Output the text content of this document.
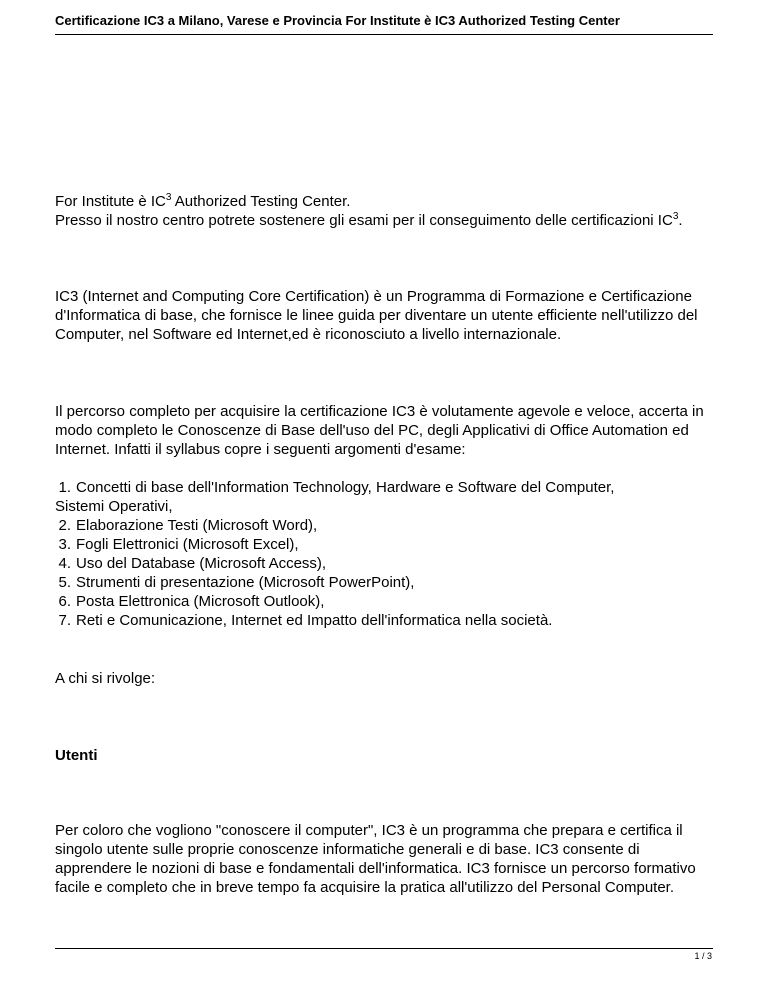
Certificazione IC3 a Milano, Varese e Provincia For Institute è IC3 Authorized Testing Center

For Institute è $IC^3$ Authorized Testing Center.

Presso il nostro centro potrete sostenere gli esami per il conseguimento delle certificazioni $IC^3$.

IC3 (Internet and Computing Core Certification) è un Programma di Formazione e Certificazione d'Informatica di base, che fornisce le linee guida per diventare un utente efficiente nell'utilizzo del Computer, nel Software ed Internet,ed è riconosciuto a livello internazionale.
Il percorso completo per acquisire la certificazione IC3 è volutamente agevole e veloce, accerta in modo completo le Conoscenze di Base dell'uso del PC, degli Applicativi di Office Automation ed Internet. Infatti il syllabus copre i seguenti argomenti d'esame:
1. Concetti di base dell'Information Technology, Hardware e Software del Computer,
Sistemi Operativi,
2. Elaborazione Testi (Microsoft Word),
3. Fogli Elettronici (Microsoft Excel),
4. Uso del Database (Microsoft Access),
5. Strumenti di presentazione (Microsoft PowerPoint),
6. Posta Elettronica (Microsoft Outlook),
7. Reti e Comunicazione, Internet ed Impatto dell'informatica nella società.
A chi si rivolge:
Utenti
Per coloro che vogliono "conoscere il computer", IC3 è un programma che prepara e certifica il singolo utente sulle proprie conoscenze informatiche generali e di base. IC3 consente di apprendere le nozioni di base e fondamentali dell'informatica. IC3 fornisce un percorso formativo facile e completo che in breve tempo fa acquisire la pratica all'utilizzo del Personal Computer.
1 / 3
